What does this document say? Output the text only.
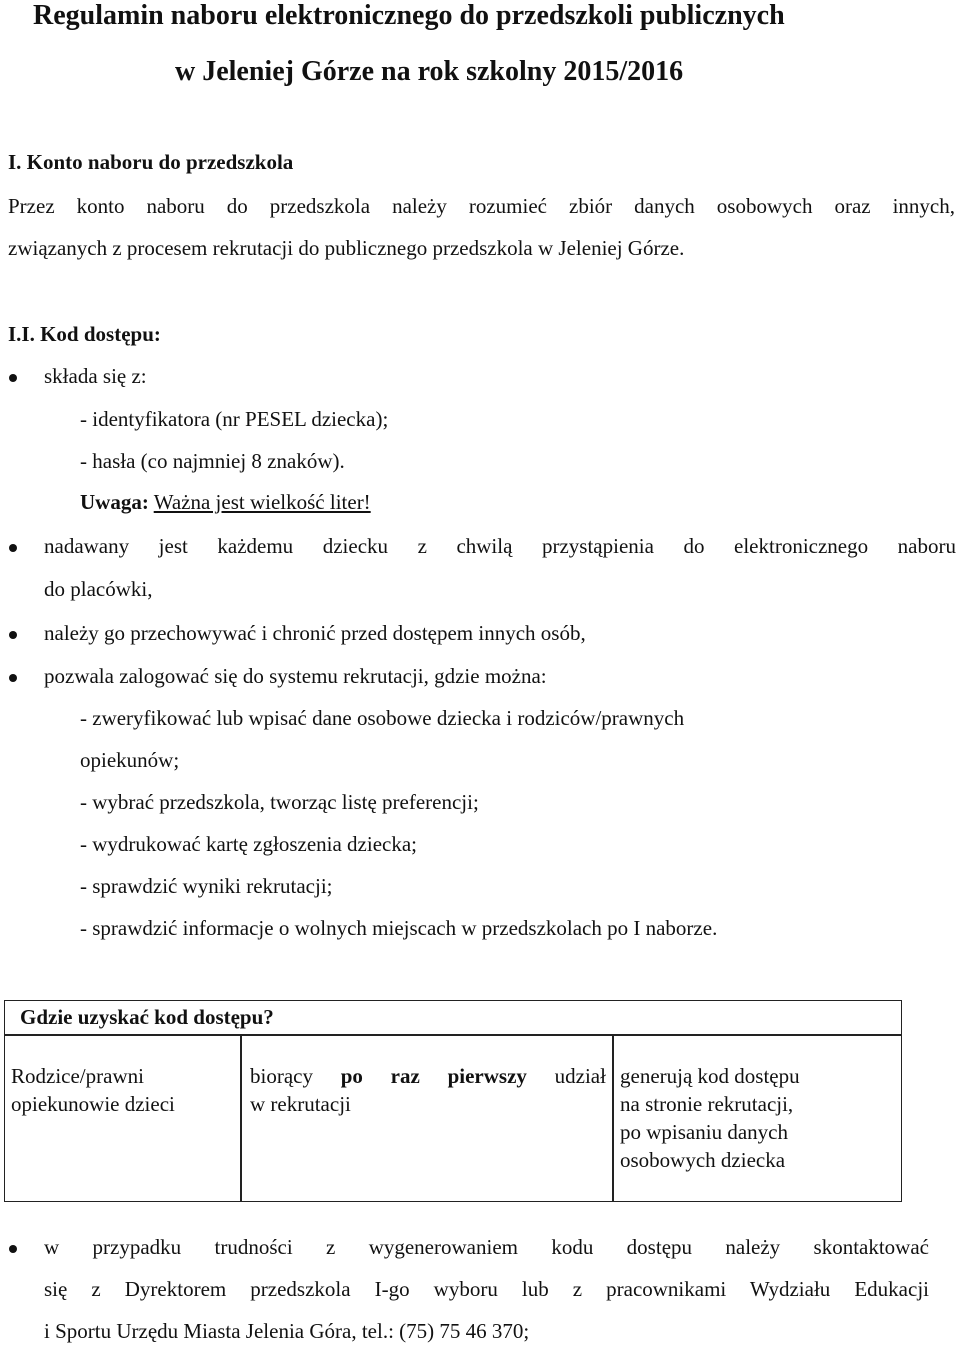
Regulamin naboru elektronicznego do przedszkoli publicznych
w Jeleniej Górze na rok szkolny 2015/2016
I. Konto naboru do przedszkola
Przez konto naboru do przedszkola należy rozumieć zbiór danych osobowych oraz innych,
związanych z procesem rekrutacji do publicznego przedszkola w Jeleniej Górze.
I.I. Kod dostępu:
składa się z:
- identyfikatora (nr PESEL dziecka);
- hasła (co najmniej 8 znaków).
Uwaga: Ważna jest wielkość liter!
nadawany jest każdemu dziecku z chwilą przystąpienia do elektronicznego naboru
do placówki,
należy go przechowywać i chronić przed dostępem innych osób,
pozwala zalogować się do systemu rekrutacji, gdzie można:
- zweryfikować lub wpisać dane osobowe dziecka i rodziców/prawnych
opiekunów;
- wybrać przedszkola, tworząc listę preferencji;
- wydrukować kartę zgłoszenia dziecka;
- sprawdzić wyniki rekrutacji;
- sprawdzić informacje o wolnych miejscach w przedszkolach po I naborze.
Gdzie uzyskać kod dostępu?
Rodzice/prawni
opiekunowie dzieci
biorący po raz pierwszy udział
w rekrutacji
generują kod dostępu
na stronie rekrutacji,
po wpisaniu danych
osobowych dziecka
w przypadku trudności z wygenerowaniem kodu dostępu należy skontaktować
się z Dyrektorem przedszkola I-go wyboru lub z pracownikami Wydziału Edukacji
i Sportu Urzędu Miasta Jelenia Góra, tel.: (75) 75 46 370;
